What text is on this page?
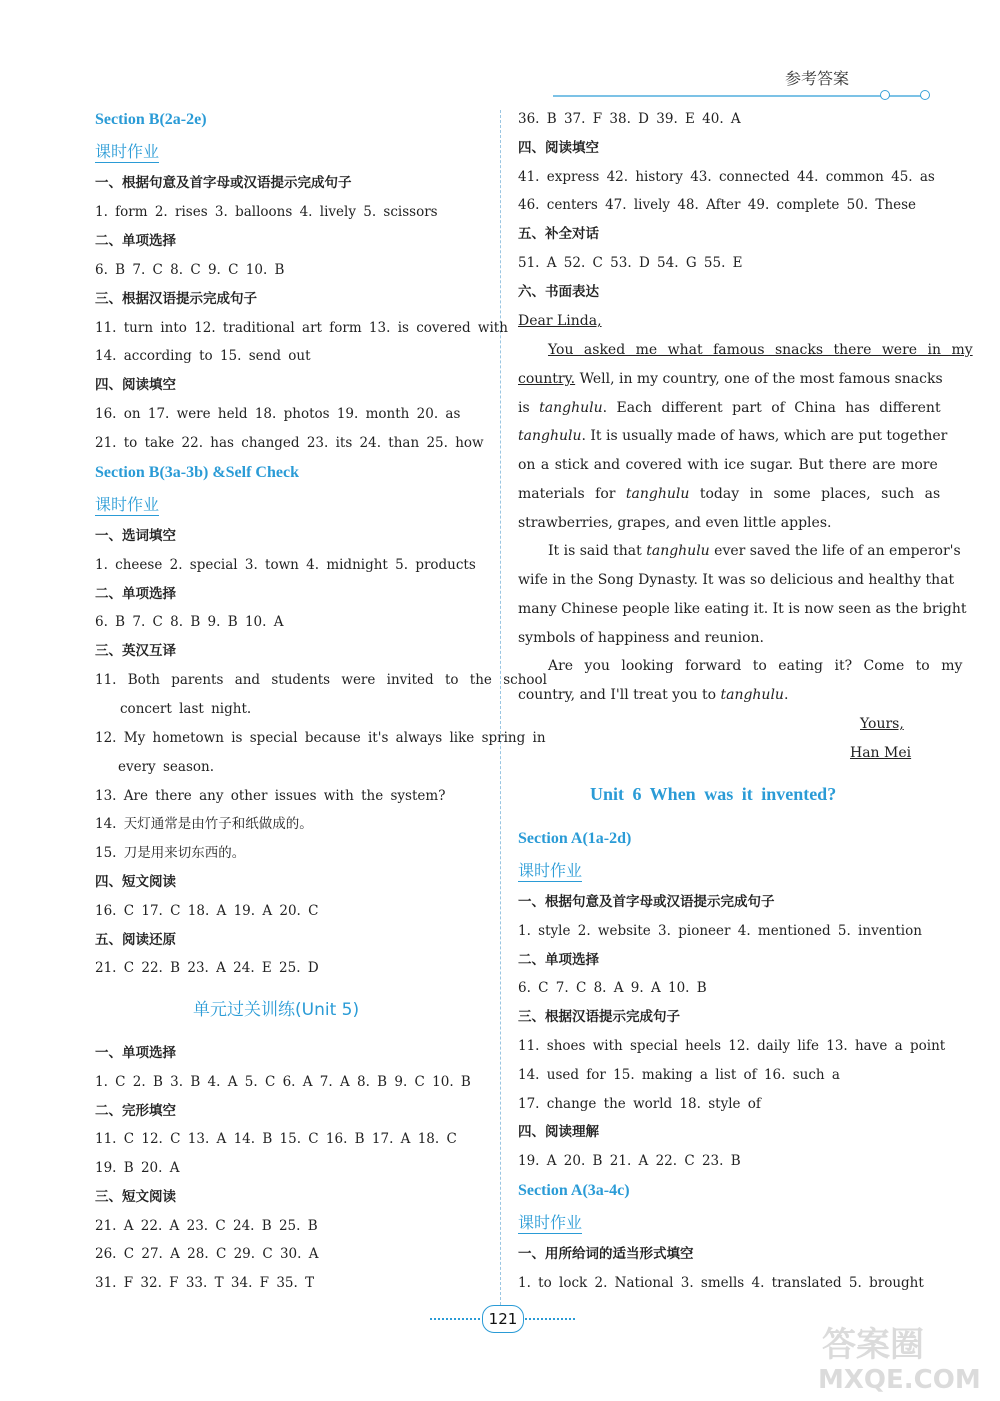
参考答案
Section B(2a-2e)
课时作业
一、根据句意及首字母或汉语提示完成句子
1. form 2. rises 3. balloons 4. lively 5. scissors
二、单项选择
6. B 7. C 8. C 9. C 10. B
三、根据汉语提示完成句子
11. turn into 12. traditional art form 13. is covered with
14. according to 15. send out
四、阅读填空
16. on 17. were held 18. photos 19. month 20. as
21. to take 22. has changed 23. its 24. than 25. how
Section B(3a-3b) &Self Check
课时作业
一、选词填空
1. cheese 2. special 3. town 4. midnight 5. products
二、单项选择
6. B 7. C 8. B 9. B 10. A
三、英汉互译
11. Both parents and students were invited to the school
concert last night.
12. My hometown is special because it's always like spring in
every season.
13. Are there any other issues with the system?
14. 天灯通常是由竹子和纸做成的。
15. 刀是用来切东西的。
四、短文阅读
16. C 17. C 18. A 19. A 20. C
五、阅读还原
21. C 22. B 23. A 24. E 25. D
单元过关训练(Unit 5)
一、单项选择
1. C 2. B 3. B 4. A 5. C 6. A 7. A 8. B 9. C 10. B
二、完形填空
11. C 12. C 13. A 14. B 15. C 16. B 17. A 18. C
19. B 20. A
三、短文阅读
21. A 22. A 23. C 24. B 25. B
26. C 27. A 28. C 29. C 30. A
31. F 32. F 33. T 34. F 35. T
36. B 37. F 38. D 39. E 40. A
四、阅读填空
41. express 42. history 43. connected 44. common 45. as
46. centers 47. lively 48. After 49. complete 50. These
五、补全对话
51. A 52. C 53. D 54. G 55. E
六、书面表达
Dear Linda,
You asked me what famous snacks there were in my
country. Well, in my country, one of the most famous snacks
is tanghulu. Each different part of China has different
tanghulu. It is usually made of haws, which are put together
on a stick and covered with ice sugar. But there are more
materials for tanghulu today in some places, such as
strawberries, grapes, and even little apples.
It is said that tanghulu ever saved the life of an emperor's
wife in the Song Dynasty. It was so delicious and healthy that
many Chinese people like eating it. It is now seen as the bright
symbols of happiness and reunion.
Are you looking forward to eating it? Come to my
country, and I'll treat you to tanghulu.
Yours,
Han Mei
Unit 6 When was it invented?
Section A(1a-2d)
课时作业
一、根据句意及首字母或汉语提示完成句子
1. style 2. website 3. pioneer 4. mentioned 5. invention
二、单项选择
6. C 7. C 8. A 9. A 10. B
三、根据汉语提示完成句子
11. shoes with special heels 12. daily life 13. have a point
14. used for 15. making a list of 16. such a
17. change the world 18. style of
四、阅读理解
19. A 20. B 21. A 22. C 23. B
Section A(3a-4c)
课时作业
一、用所给词的适当形式填空
1. to lock 2. National 3. smells 4. translated 5. brought
121
答案圈
MXQE.COM
